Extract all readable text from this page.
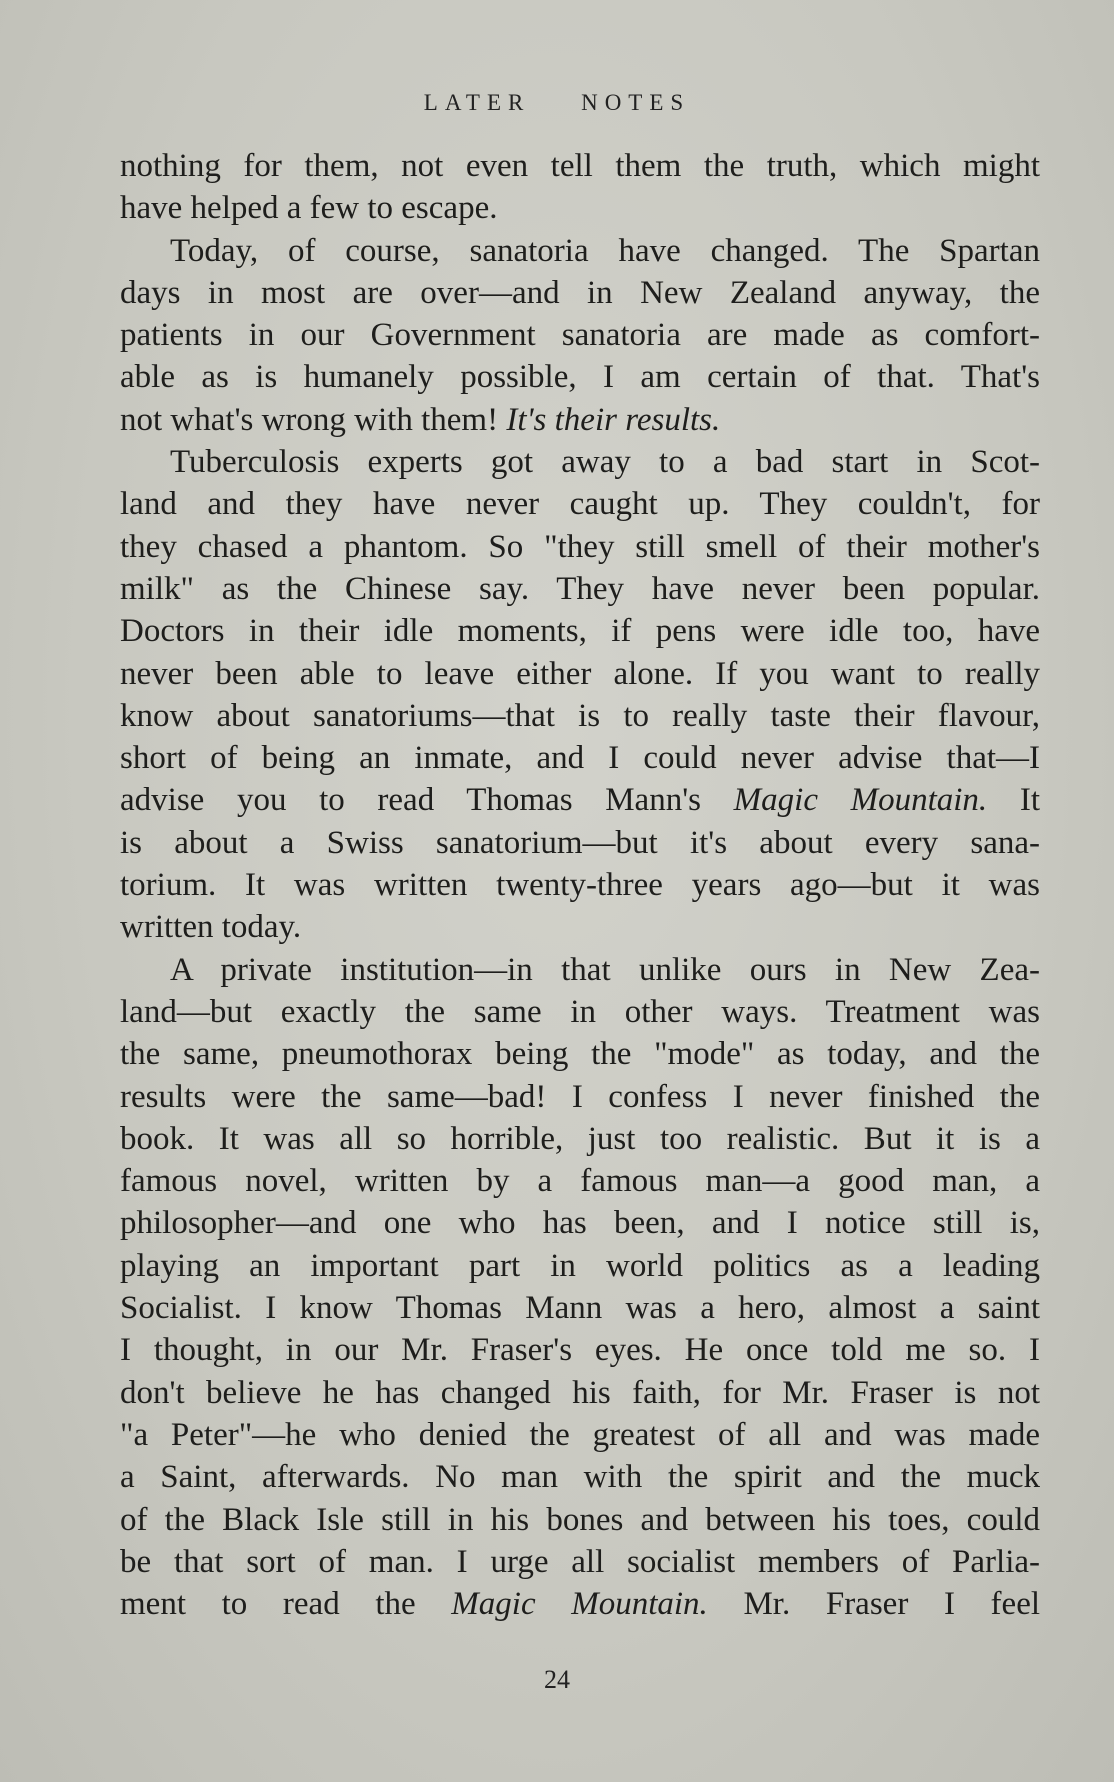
LATER NOTES
nothing for them, not even tell them the truth, which might
have helped a few to escape.
Today, of course, sanatoria have changed. The Spartan
days in most are over—and in New Zealand anyway, the
patients in our Government sanatoria are made as comfort-
able as is humanely possible, I am certain of that. That's
not what's wrong with them! It's their results.
Tuberculosis experts got away to a bad start in Scot-
land and they have never caught up. They couldn't, for
they chased a phantom. So "they still smell of their mother's
milk" as the Chinese say. They have never been popular.
Doctors in their idle moments, if pens were idle too, have
never been able to leave either alone. If you want to really
know about sanatoriums—that is to really taste their flavour,
short of being an inmate, and I could never advise that—I
advise you to read Thomas Mann's Magic Mountain. It
is about a Swiss sanatorium—but it's about every sana-
torium. It was written twenty-three years ago—but it was
written today.
A private institution—in that unlike ours in New Zea-
land—but exactly the same in other ways. Treatment was
the same, pneumothorax being the "mode" as today, and the
results were the same—bad! I confess I never finished the
book. It was all so horrible, just too realistic. But it is a
famous novel, written by a famous man—a good man, a
philosopher—and one who has been, and I notice still is,
playing an important part in world politics as a leading
Socialist. I know Thomas Mann was a hero, almost a saint
I thought, in our Mr. Fraser's eyes. He once told me so. I
don't believe he has changed his faith, for Mr. Fraser is not
"a Peter"—he who denied the greatest of all and was made
a Saint, afterwards. No man with the spirit and the muck
of the Black Isle still in his bones and between his toes, could
be that sort of man. I urge all socialist members of Parlia-
ment to read the Magic Mountain. Mr. Fraser I feel
24
